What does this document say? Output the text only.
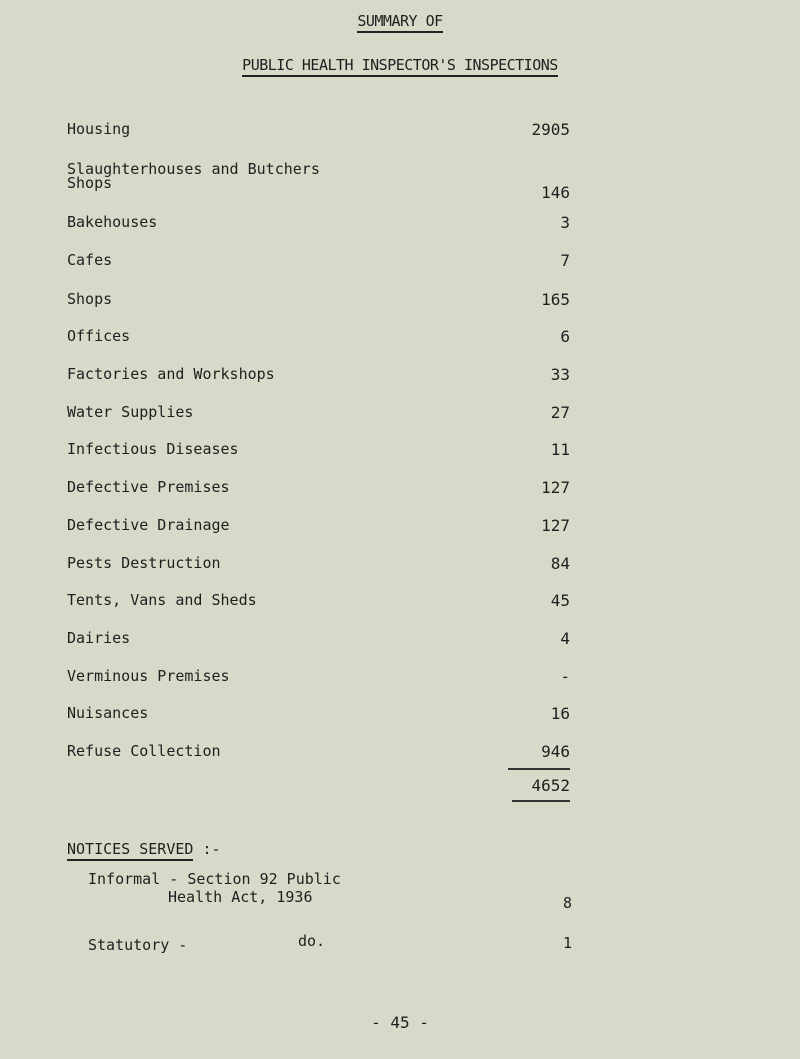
SUMMARY OF
PUBLIC HEALTH INSPECTOR'S INSPECTIONS
Housing	2905
Slaughterhouses and Butchers
Shops	146
Bakehouses	3
Cafes	7
Shops	165
Offices	6
Factories and Workshops	33
Water Supplies	27
Infectious Diseases	11
Defective Premises	127
Defective Drainage	127
Pests Destruction	84
Tents, Vans and Sheds	45
Dairies	4
Verminous Premises	-
Nuisances	16
Refuse Collection	946
4652
NOTICES SERVED :-
Informal - Section 92 Public
Health Act, 1936	8
Statutory -	do.	1
- 45 -
